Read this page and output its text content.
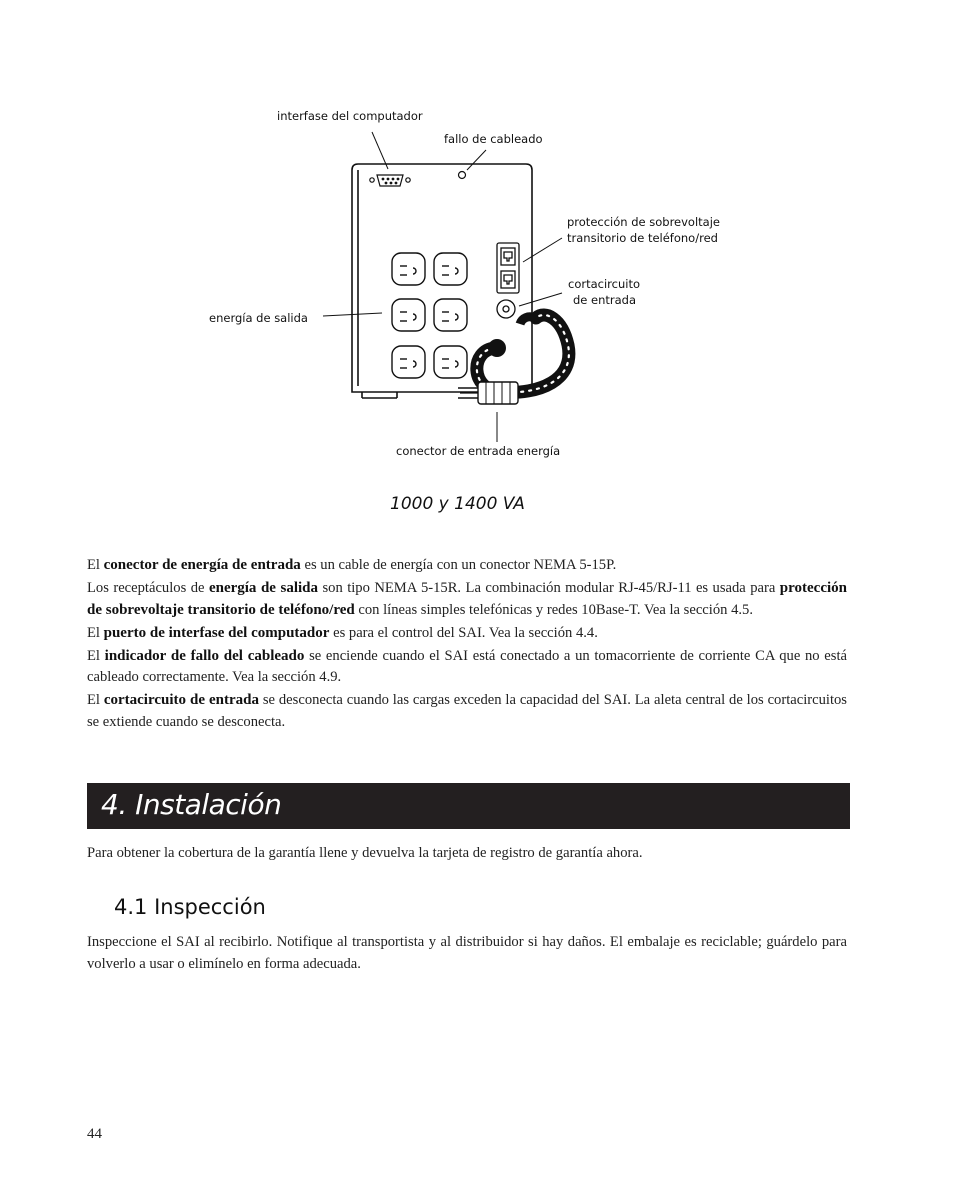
interfase del computador
fallo de cableado
protección de sobrevoltaje
transitorio de teléfono/red
cortacircuito
de entrada
energía de salida
conector de entrada energía
1000 y 1400 VA

El conector de energía de entrada es un cable de energía con un conector NEMA 5-15P.

Los receptáculos de energía de salida son tipo NEMA 5-15R. La combinación modular RJ-45/RJ-11 es usada para protección de sobrevoltaje transitorio de teléfono/red con líneas simples telefónicas y redes 10Base-T. Vea la sección 4.5.

El puerto de interfase del computador es para el control del SAI. Vea la sección 4.4.

El indicador de fallo del cableado se enciende cuando el SAI está conectado a un tomacorriente de corriente CA que no está cableado correctamente. Vea la sección 4.9.

El cortacircuito de entrada se desconecta cuando las cargas exceden la capacidad del SAI. La aleta central de los cortacircuitos se extiende cuando se desconecta.

4. Instalación

Para obtener la cobertura de la garantía llene y devuelva la tarjeta de registro de garantía ahora.

4.1 Inspección

Inspeccione el SAI al recibirlo. Notifique al transportista y al distribuidor si hay daños. El embalaje es reciclable; guárdelo para volverlo a usar o elimínelo en forma adecuada.

44
